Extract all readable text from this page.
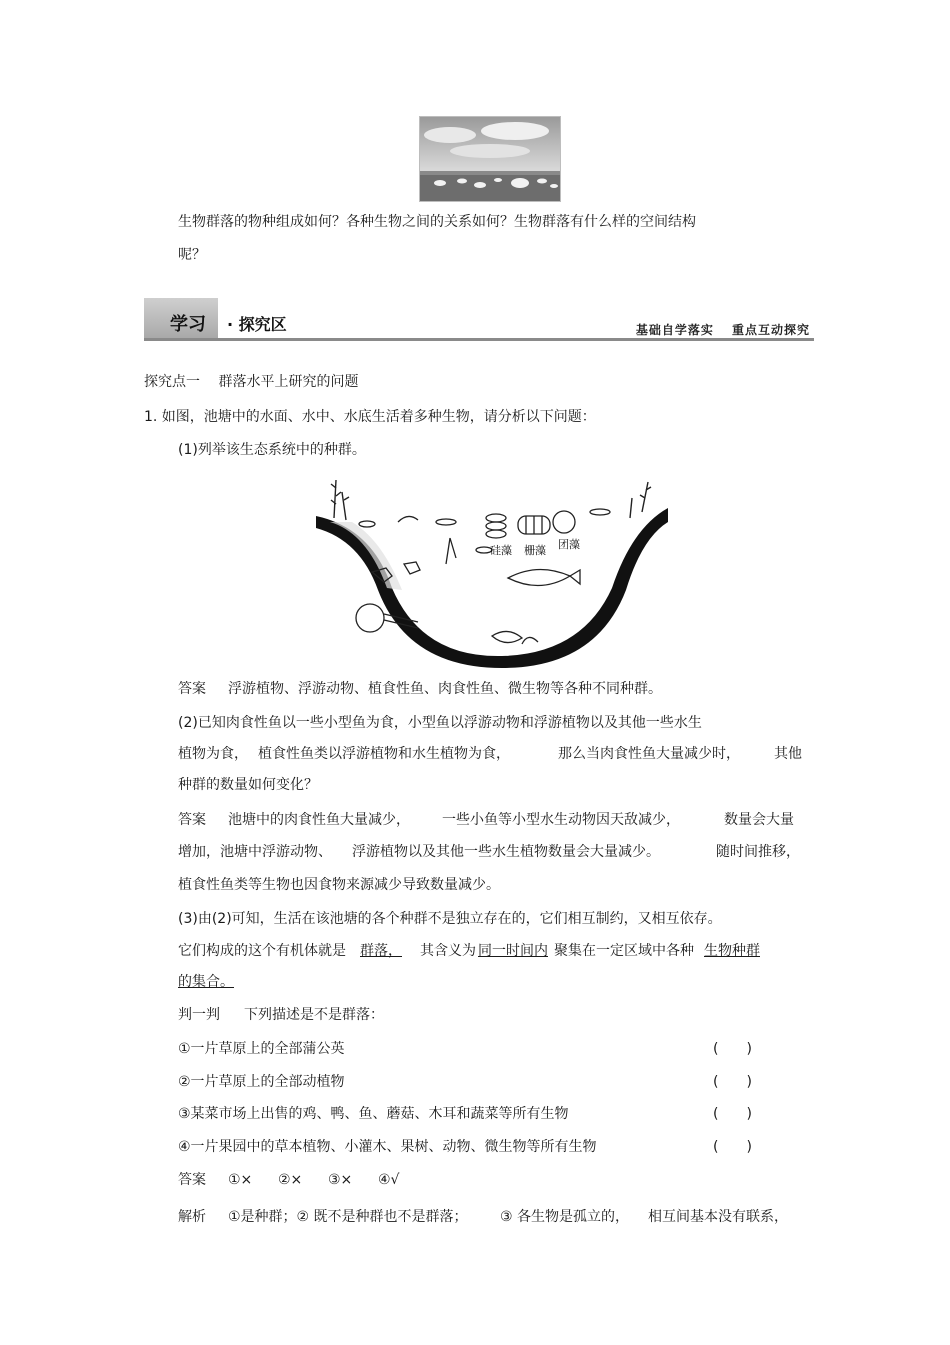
生物群落的物种组成如何？各种生物之间的关系如何？生物群落有什么样的空间结构
呢？
学习 · 探究区	基础自学落实　 重点互动探究
探究点一　 群落水平上研究的问题
1. 如图，池塘中的水面、水中、水底生活着多种生物，请分析以下问题：
(1)列举该生态系统中的种群。
硅藻 栅藻 团藻
答案 浮游植物、浮游动物、植食性鱼、肉食性鱼、微生物等各种不同种群。
(2)已知肉食性鱼以一些小型鱼为食，小型鱼以浮游动物和浮游植物以及其他一些水生
植物为食， 植食性鱼类以浮游植物和水生植物为食，	那么当肉食性鱼大量减少时， 其他
种群的数量如何变化？
答案 池塘中的肉食性鱼大量减少， 一些小鱼等小型水生动物因天敌减少，	数量会大量
增加，池塘中浮游动物、 浮游植物以及其他一些水生植物数量会大量减少。	随时间推移，
植食性鱼类等生物也因食物来源减少导致数量减少。
(3)由(2)可知，生活在该池塘的各个种群不是独立存在的，它们相互制约，又相互依存。
它们构成的这个有机体就是 群落，	其含义为 同一时间内 聚集在一定区域中各种 生物种群
的集合。
判一判 下列描述是不是群落：
①一片草原上的全部蒲公英	(　　)
②一片草原上的全部动植物	(　　)
③某菜市场上出售的鸡、鸭、鱼、蘑菇、木耳和蔬菜等所有生物	(　　)
④一片果园中的草本植物、小灌木、果树、动物、微生物等所有生物	(　　)
答案 ①× ②× ③× ④√
解析 ①是种群；② 既不是种群也不是群落； ③ 各生物是孤立的， 相互间基本没有联系，
